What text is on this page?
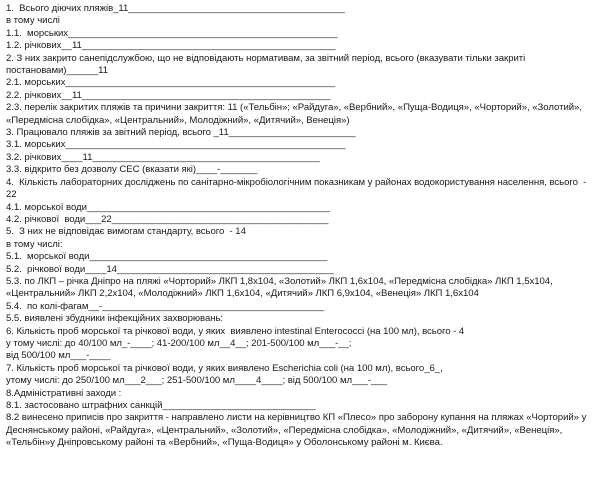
1.  Всього діючих пляжів_11_________________________________________

в тому числі

1.1.  морських___________________________________________________

1.2. річкових__11________________________________________________

2. З них закрито санепідслужбою, що не відповідають нормативам, за звітний період, всього (вказувати тільки закриті постановами)______11

2.1. морських___________________________________________________

2.2. річкових__11_______________________________________________

2.3. перелік закритих пляжів та причини закриття: 11 («Тельбін»; «Райдуга», «Вербний», «Пуща-Водиця», «Чорторий», «Золотий», «Передмісна слобідка», «Центральний», Молодіжний», «Дитячий», Венеція»)

3. Працювало пляжів за звітний період, всього _11________________________

3.1. морських_____________________________________________________

3.2. річкових____11___________________________________________

3.3. відкрито без дозволу СЕС (вказати які)____-_______

4.  Кількість лабораторних досліджень по санітарно-мікробіологічним показникам у районах водокористування населення, всього  - 22

4.1. морської води______________________________________________

4.2. річкової  води___22_________________________________________

5.  З них не відповідає вимогам стандарту, всього  - 14

в тому числі:

5.1.  морської води_____________________________________________

5.2.  річкової води____14_________________________________________

5.3. по ЛКП – річка Дніпро на пляжі «Чорторий» ЛКП 1,8х104, «Золотий» ЛКП 1,6х104, «Передмісна слобідка» ЛКП 1,5х104, «Центральний» ЛКП 2,2х104, «Молодіжний» ЛКП 1,6х104, «Дитячий» ЛКП 6,9х104, «Венеція» ЛКП 1,6х104

5.4.  по колі-фагам__-__________________________________________

5.5. виявлені збудники інфекційних захворювань:

6. Кількість проб морської та річкової води, у яких  виявлено intestinal Enterococci (на 100 мл), всього - 4

у тому числі: до 40/100 мл_-____; 41-200/100 мл__4__; 201-500/100 мл___-__;

від 500/100 мл___-____

7. Кількість проб морської та річкової води, у яких виявлено Escherichia coli (на 100 мл), всього_6_,

утому числі: до 250/100 мл___2___; 251-500/100 мл____4____; від 500/100 мл___-___

8.Адміністративні заходи :

8.1. застосовано штрафних санкцій_____________________________

8.2 винесено приписів про закриття - направлено листи на керівництво КП «Плесо» про заборону купання на пляжах «Чорторий» у Деснянському районі, «Райдуга», «Центральний», «Золотий», «Передмісна слобідка», «Молодіжний», «Дитячий», «Венеція», «Тельбін»у Дніпровському районі та «Вербний», «Пуща-Водиця» у Оболонському районі м. Києва.
